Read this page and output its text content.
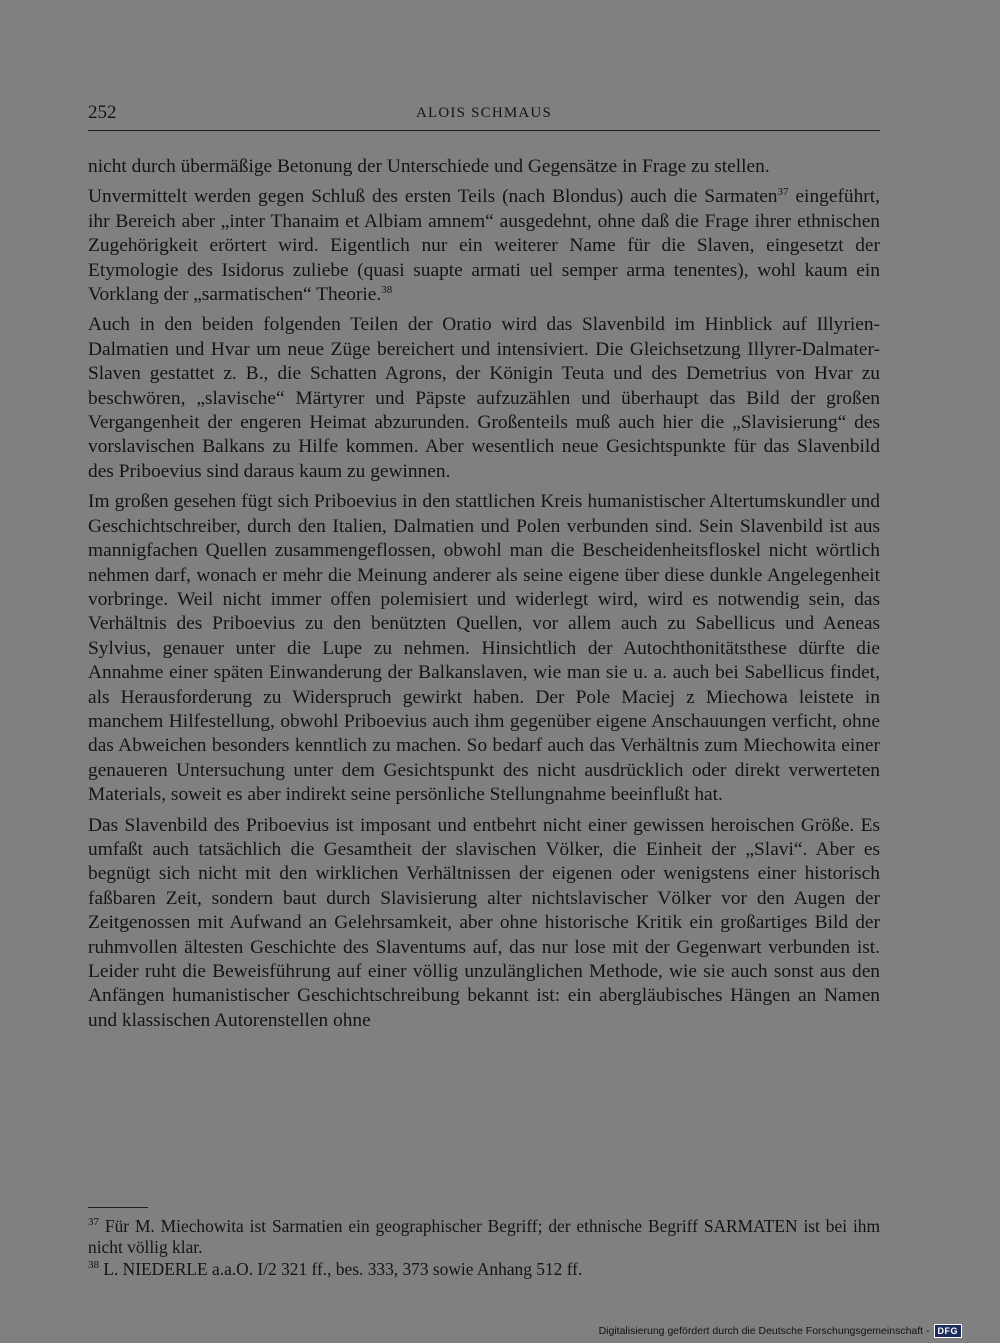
252	ALOIS SCHMAUS

nicht durch übermäßige Betonung der Unterschiede und Gegensätze in Frage zu stellen.

Unvermittelt werden gegen Schluß des ersten Teils (nach Blondus) auch die Sarmaten$^{37}$ eingeführt, ihr Bereich aber „inter Thanaim et Albiam amnem“ ausgedehnt, ohne daß die Frage ihrer ethnischen Zugehörigkeit erörtert wird. Eigentlich nur ein weiterer Name für die Slaven, eingesetzt der Etymologie des Isidorus zuliebe (quasi suapte armati uel semper arma tenentes), wohl kaum ein Vorklang der „sarmatischen“ Theorie.$^{38}$

Auch in den beiden folgenden Teilen der Oratio wird das Slavenbild im Hinblick auf Illyrien-Dalmatien und Hvar um neue Züge bereichert und intensiviert. Die Gleichsetzung Illyrer-Dalmater-Slaven gestattet z. B., die Schatten Agrons, der Königin Teuta und des Demetrius von Hvar zu beschwören, „slavische“ Märtyrer und Päpste aufzuzählen und überhaupt das Bild der großen Vergangenheit der engeren Heimat abzurunden. Großenteils muß auch hier die „Slavisierung“ des vorslavischen Balkans zu Hilfe kommen. Aber wesentlich neue Gesichtspunkte für das Slavenbild des Priboevius sind daraus kaum zu gewinnen.

Im großen gesehen fügt sich Priboevius in den stattlichen Kreis humanistischer Altertumskundler und Geschichtschreiber, durch den Italien, Dalmatien und Polen verbunden sind. Sein Slavenbild ist aus mannigfachen Quellen zusammengeflossen, obwohl man die Bescheidenheitsfloskel nicht wörtlich nehmen darf, wonach er mehr die Meinung anderer als seine eigene über diese dunkle Angelegenheit vorbringe. Weil nicht immer offen polemisiert und widerlegt wird, wird es notwendig sein, das Verhältnis des Priboevius zu den benützten Quellen, vor allem auch zu Sabellicus und Aeneas Sylvius, genauer unter die Lupe zu nehmen. Hinsichtlich der Autochthonitätsthese dürfte die Annahme einer späten Einwanderung der Balkanslaven, wie man sie u. a. auch bei Sabellicus findet, als Herausforderung zu Widerspruch gewirkt haben. Der Pole Maciej z Miechowa leistete in manchem Hilfestellung, obwohl Priboevius auch ihm gegenüber eigene Anschauungen verficht, ohne das Abweichen besonders kenntlich zu machen. So bedarf auch das Verhältnis zum Miechowita einer genaueren Untersuchung unter dem Gesichtspunkt des nicht ausdrücklich oder direkt verwerteten Materials, soweit es aber indirekt seine persönliche Stellungnahme beeinflußt hat.

Das Slavenbild des Priboevius ist imposant und entbehrt nicht einer gewissen heroischen Größe. Es umfaßt auch tatsächlich die Gesamtheit der slavischen Völker, die Einheit der „Slavi“. Aber es begnügt sich nicht mit den wirklichen Verhältnissen der eigenen oder wenigstens einer historisch faßbaren Zeit, sondern baut durch Slavisierung alter nichtslavischer Völker vor den Augen der Zeitgenossen mit Aufwand an Gelehrsamkeit, aber ohne historische Kritik ein großartiges Bild der ruhmvollen ältesten Geschichte des Slaventums auf, das nur lose mit der Gegenwart verbunden ist. Leider ruht die Beweisführung auf einer völlig unzulänglichen Methode, wie sie auch sonst aus den Anfängen humanistischer Geschichtschreibung bekannt ist: ein abergläubisches Hängen an Namen und klassischen Autorenstellen ohne

$^{37}$ Für M. Miechowita ist Sarmatien ein geographischer Begriff; der ethnische Begriff SARMATEN ist bei ihm nicht völlig klar.
$^{38}$ L. NIEDERLE a.a.O. I/2 321 ff., bes. 333, 373 sowie Anhang 512 ff.
Digitalisierung gefördert durch die Deutsche Forschungsgemeinschaft - DFG
